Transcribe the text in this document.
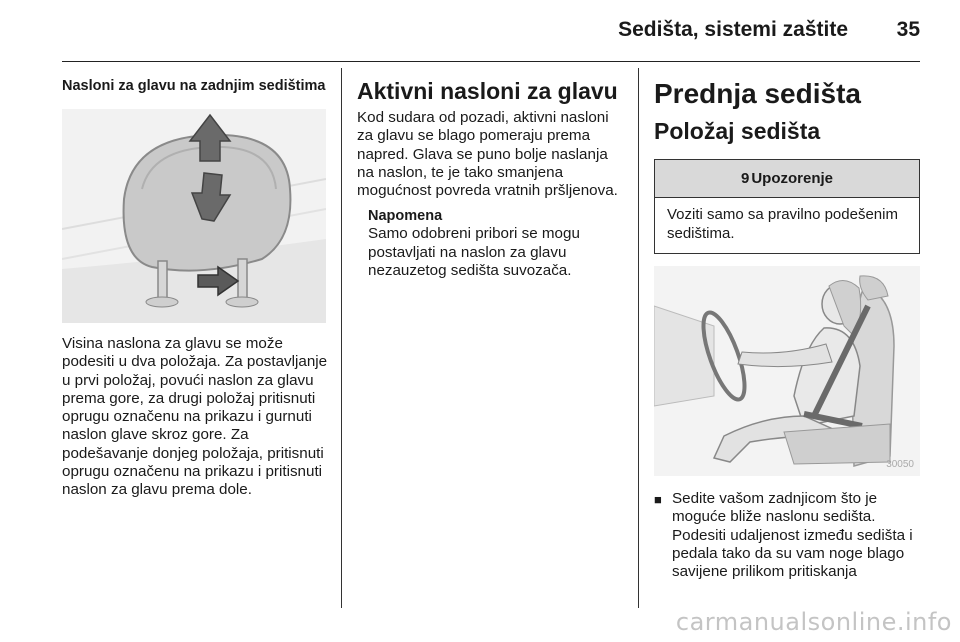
Sedišta, sistemi zaštite 35
Nasloni za glavu na zadnjim sedištima
Visina naslona za glavu se može podesiti u dva položaja. Za postavljanje u prvi položaj, povući naslon za glavu prema gore, za drugi položaj pritisnuti oprugu označenu na prikazu i gurnuti naslon glave skroz gore. Za podešavanje donjeg položaja, pritisnuti oprugu označenu na prikazu i pritisnuti naslon za glavu prema dole.
Aktivni nasloni za glavu
Kod sudara od pozadi, aktivni nasloni za glavu se blago pomeraju prema napred. Glava se puno bolje naslanja na naslon, te je tako smanjena mogućnost povreda vratnih pršljenova.
Napomena
Samo odobreni pribori se mogu postavljati na naslon za glavu nezauzetog sedišta suvozača.
Prednja sedišta
Položaj sedišta
9 Upozorenje
Voziti samo sa pravilno podešenim sedištima.
30050
■ Sedite vašom zadnjicom što je moguće bliže naslonu sedišta. Podesiti udaljenost između sedišta i pedala tako da su vam noge blago savijene prilikom pritiskanja
carmanualsonline.info
